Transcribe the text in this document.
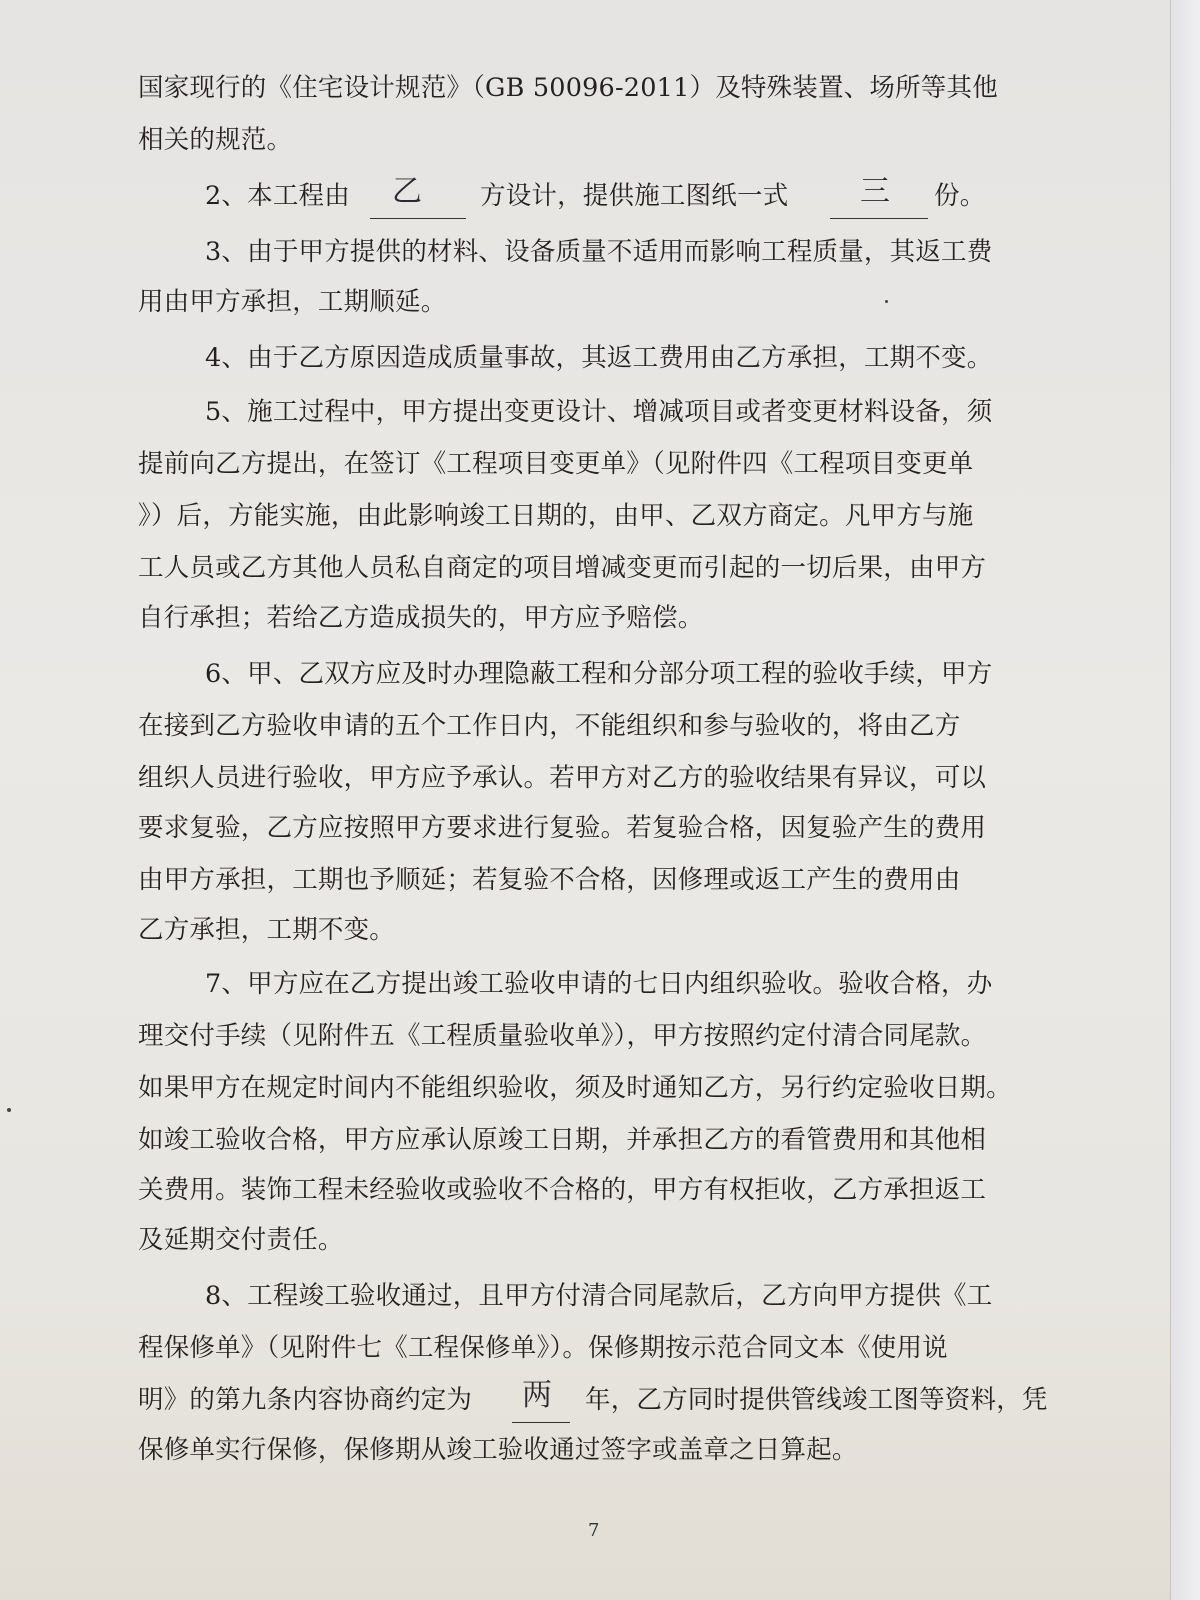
国家现行的《住宅设计规范》（GB 50096-2011）及特殊装置、场所等其他
相关的规范。
2、本工程由 乙 方设计，提供施工图纸一式 三 份。
3、由于甲方提供的材料、设备质量不适用而影响工程质量，其返工费
用由甲方承担，工期顺延。
4、由于乙方原因造成质量事故，其返工费用由乙方承担，工期不变。
5、施工过程中，甲方提出变更设计、增减项目或者变更材料设备，须
提前向乙方提出，在签订《工程项目变更单》（见附件四《工程项目变更单
》）后，方能实施，由此影响竣工日期的，由甲、乙双方商定。凡甲方与施
工人员或乙方其他人员私自商定的项目增减变更而引起的一切后果，由甲方
自行承担；若给乙方造成损失的，甲方应予赔偿。
6、甲、乙双方应及时办理隐蔽工程和分部分项工程的验收手续，甲方
在接到乙方验收申请的五个工作日内，不能组织和参与验收的，将由乙方
组织人员进行验收，甲方应予承认。若甲方对乙方的验收结果有异议，可以
要求复验，乙方应按照甲方要求进行复验。若复验合格，因复验产生的费用
由甲方承担，工期也予顺延；若复验不合格，因修理或返工产生的费用由
乙方承担，工期不变。
7、甲方应在乙方提出竣工验收申请的七日内组织验收。验收合格，办
理交付手续（见附件五《工程质量验收单》），甲方按照约定付清合同尾款。
如果甲方在规定时间内不能组织验收，须及时通知乙方，另行约定验收日期。
如竣工验收合格，甲方应承认原竣工日期，并承担乙方的看管费用和其他相
关费用。装饰工程未经验收或验收不合格的，甲方有权拒收，乙方承担返工
及延期交付责任。
8、工程竣工验收通过，且甲方付清合同尾款后，乙方向甲方提供《工
程保修单》（见附件七《工程保修单》）。保修期按示范合同文本《使用说
明》的第九条内容协商约定为 两 年，乙方同时提供管线竣工图等资料，凭
保修单实行保修，保修期从竣工验收通过签字或盖章之日算起。
7
